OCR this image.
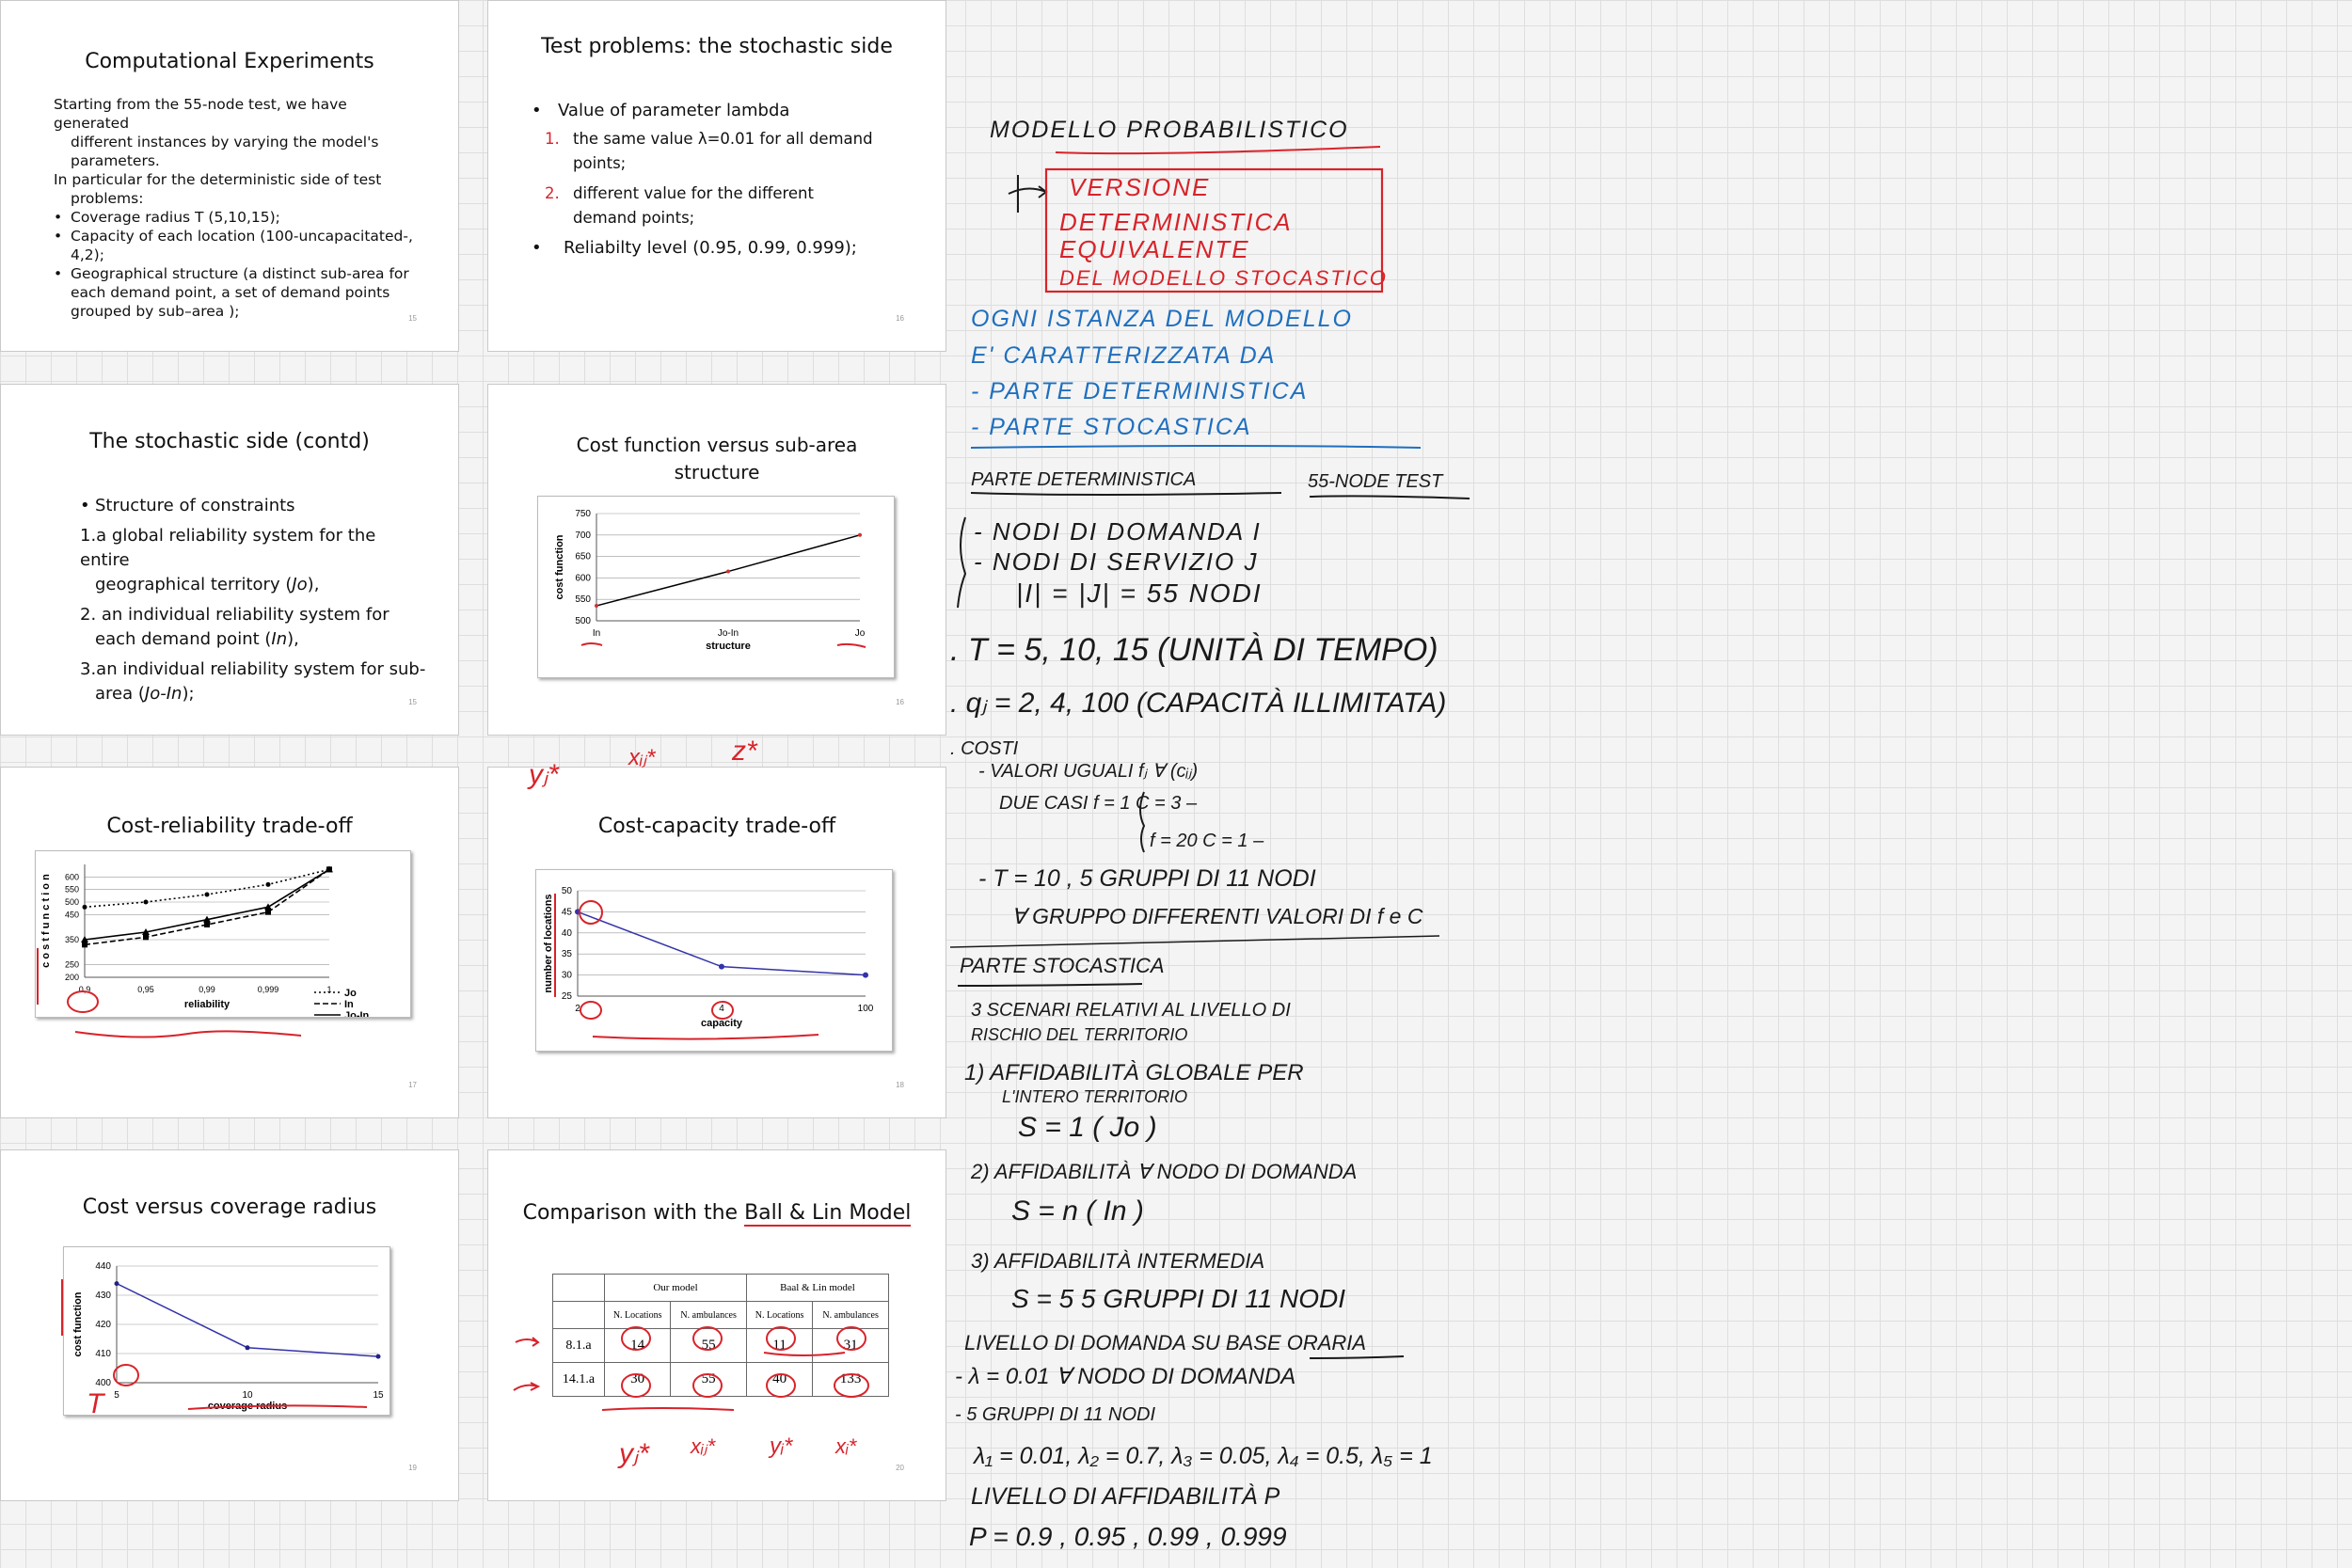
Computational Experiments
Starting from the 55-node test, we have generated
different instances by varying the model's
parameters.
In particular for the deterministic side of test
problems:
• Coverage radius T (5,10,15);
• Capacity of each location (100-uncapacitated-,
4,2);
• Geographical structure (a distinct sub-area for
each demand point, a set of demand points
grouped by sub–area );	15
Test problems: the stochastic side
• Value of parameter lambda
1. the same value λ=0.01 for all demand
points;
2. different value for the different
demand points;
• Reliabilty level (0.95, 0.99, 0.999);
16
The stochastic side (contd)
• Structure of constraints
1.a global reliability system for the entire
geographical territory (Jo),
2. an individual reliability system for
each demand point (In),
3.an individual reliability system for sub-
area (Jo-In);	15
Cost function versus sub-area
structure
750
700
650
600
550
500
In	Jo-In	Jo
structure
cost function
16
Cost-reliability trade-off
600
550
500
450
350
250
200
0,9	0,95	0,99	0,999	1
reliability
c o s t f u n c t i o n
Jo
In
Jo-In
17
Cost-capacity trade-off
50
45
40
35
30
25
2	4	100
capacity
number of locations
18
Cost versus coverage radius
440
430
420
410
400
5	10	15
coverage radius
cost function
19
Comparison with the Ball & Lin Model
	Our model		Baal & Lin model	
	N. Locations	N. ambulances	N. Locations	N. ambulances
8.1.a	14	55	11	31
14.1.a	30	55	40	133
20
yⱼ*
xᵢⱼ*	z*
yⱼ* xᵢⱼ* yᵢ* xᵢ*
T
MODELLO PROBABILISTICO
VERSIONE
DETERMINISTICA
EQUIVALENTE
DEL MODELLO STOCASTICO
OGNI ISTANZA DEL MODELLO
E' CARATTERIZZATA DA
- PARTE DETERMINISTICA
- PARTE STOCASTICA
PARTE DETERMINISTICA	55-NODE TEST
- NODI DI DOMANDA I
- NODI DI SERVIZIO J
|I| = |J| = 55 NODI
. T = 5, 10, 15 (UNITÀ DI TEMPO)
. qⱼ = 2, 4, 100 (CAPACITÀ ILLIMITATA)
. COSTI
- VALORI UGUALI fⱼ ∀ (cᵢⱼ)
DUE CASI f = 1 C = 3 –
f = 20 C = 1 –
- T = 10 , 5 GRUPPI DI 11 NODI
∀ GRUPPO DIFFERENTI VALORI DI f e C
PARTE STOCASTICA
3 SCENARI RELATIVI AL LIVELLO DI
RISCHIO DEL TERRITORIO
1) AFFIDABILITÀ GLOBALE PER
L'INTERO TERRITORIO
S = 1 ( Jo )
2) AFFIDABILITÀ ∀ NODO DI DOMANDA
S = n ( In )
3) AFFIDABILITÀ INTERMEDIA
S = 5 5 GRUPPI DI 11 NODI
LIVELLO DI DOMANDA SU BASE ORARIA
- λ = 0.01 ∀ NODO DI DOMANDA
- 5 GRUPPI DI 11 NODI
λ₁ = 0.01, λ₂ = 0.7, λ₃ = 0.05, λ₄ = 0.5, λ₅ = 1
LIVELLO DI AFFIDABILITÀ P
P = 0.9 , 0.95 , 0.99 , 0.999
